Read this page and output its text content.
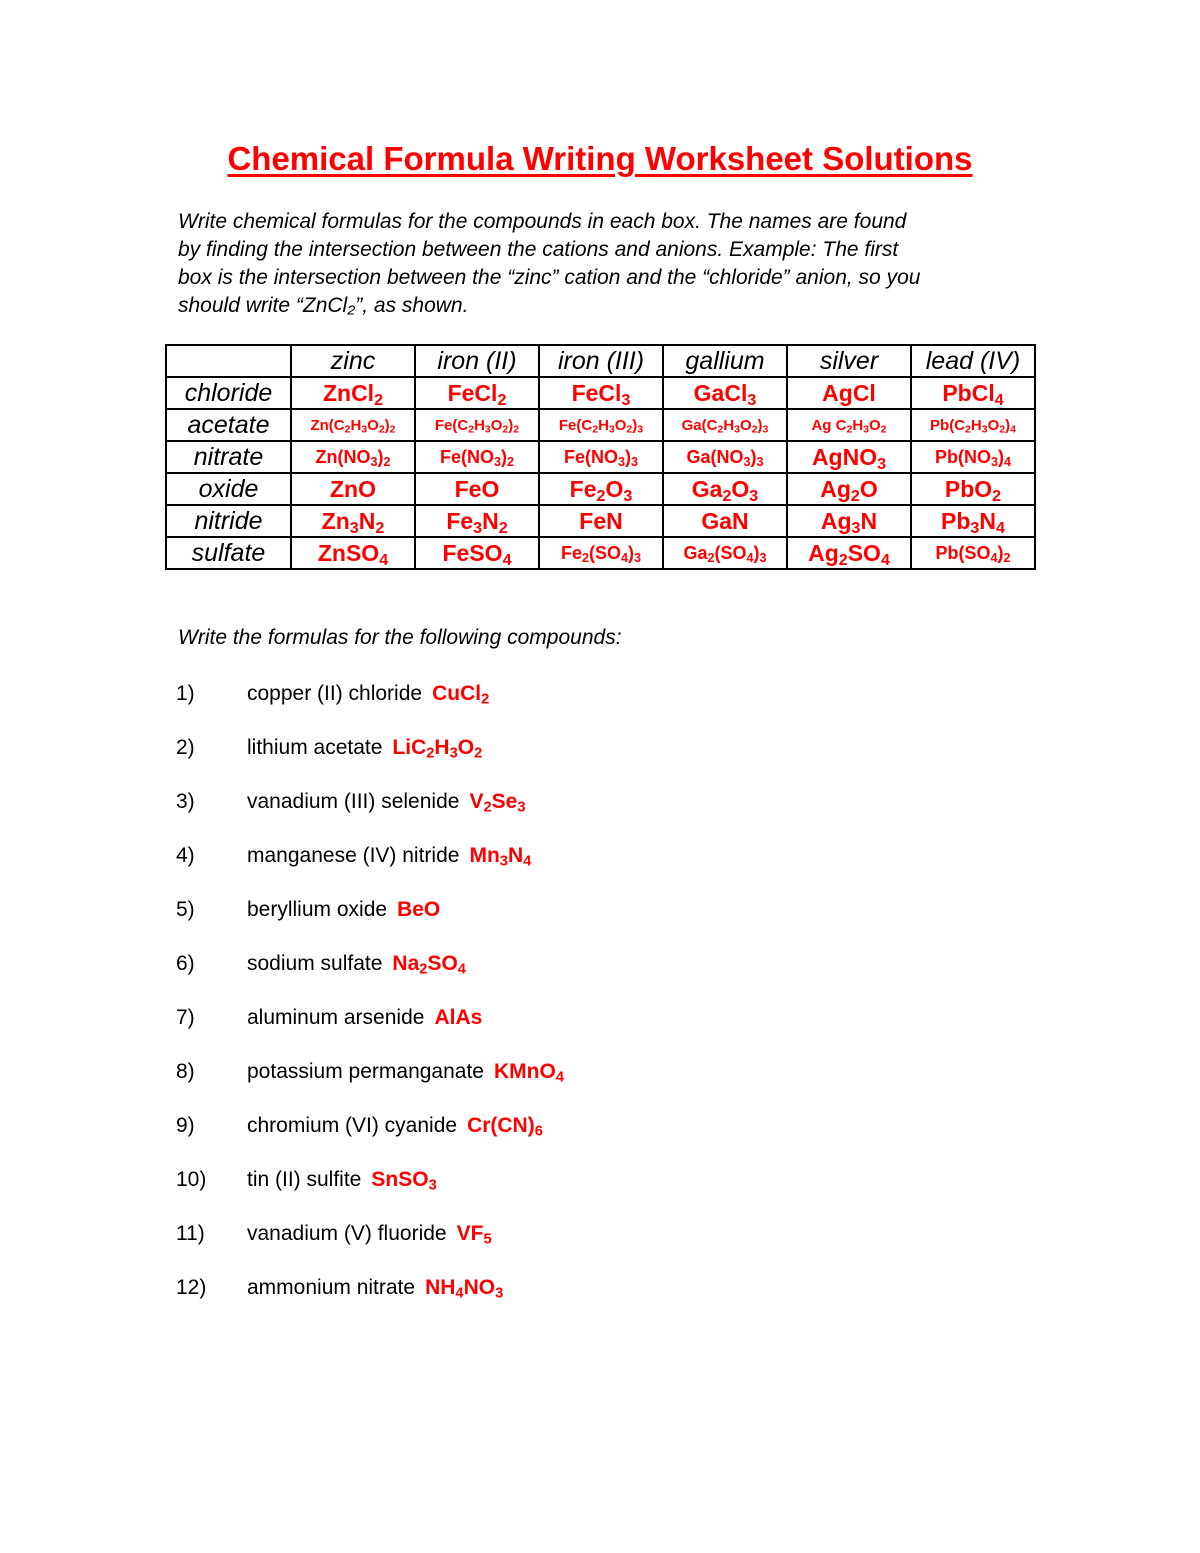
Chemical Formula Writing Worksheet Solutions
Write chemical formulas for the compounds in each box. The names are found
by finding the intersection between the cations and anions. Example: The first
box is the intersection between the “zinc” cation and the “chloride” anion, so you
should write “ZnCl₂”, as shown.
	zinc	iron (II)	iron (III)	gallium	silver	lead (IV)
chloride	ZnCl$_2$	FeCl$_2$	FeCl$_3$	GaCl$_3$	AgCl	PbCl$_4$
acetate	$Zn(C_2H_3O_2)_2$	$Fe(C_2H_3O_2)_2$	$Fe(C_2H_3O_2)_3$	$Ga(C_2H_3O_2)_3$	Ag $C_2H_3O_2$	$Pb(C_2H_3O_2)_4$
nitrate	$Zn(NO_3)_2$	$Fe(NO_3)_2$	$Fe(NO_3)_3$	$Ga(NO_3)_3$	AgNO$_3$	$Pb(NO_3)_4$
oxide	ZnO	FeO	$Fe_2O_3$	$Ga_2O_3$	$Ag_2O$	PbO$_2$
nitride	$Zn_3N_2$	$Fe_3N_2$	FeN	GaN	$Ag_3N$	$Pb_3N_4$
sulfate	ZnSO$_4$	FeSO$_4$	$Fe_2(SO_4)_3$	$Ga_2(SO_4)_3$	$Ag_2SO_4$	$Pb(SO_4)_2$
Write the formulas for the following compounds:
1) copper (II) chloride CuCl$_2$
2) lithium acetate $LiC_2H_3O_2$
3) vanadium (III) selenide $V_2Se_3$
4) manganese (IV) nitride $Mn_3N_4$
5) beryllium oxide BeO
6) sodium sulfate $Na_2SO_4$
7) aluminum arsenide AlAs
8) potassium permanganate KMnO$_4$
9) chromium (VI) cyanide $Cr(CN)_6$
10) tin (II) sulfite SnSO$_3$
11) vanadium (V) fluoride $VF_5$
12) ammonium nitrate $NH_4NO_3$
